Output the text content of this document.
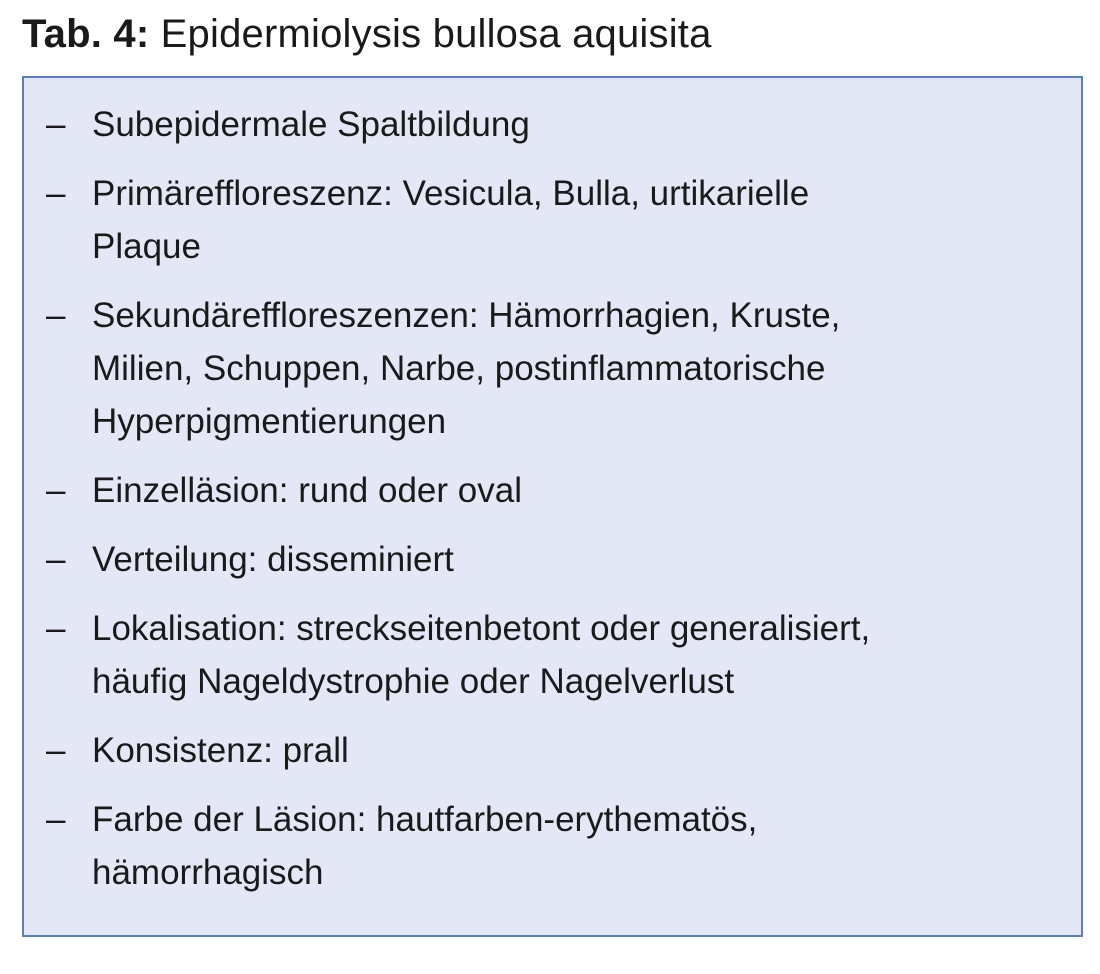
Tab. 4: Epidermiolysis bullosa aquisita
– Subepidermale Spaltbildung
– Primäreffloreszenz: Vesicula, Bulla, urtikarielle
Plaque
– Sekundäreffloreszenzen: Hämorrhagien, Kruste,
Milien, Schuppen, Narbe, postinflammatorische
Hyperpigmentierungen
– Einzelläsion: rund oder oval
– Verteilung: disseminiert
– Lokalisation: streckseitenbetont oder generalisiert,
häufig Nageldystrophie oder Nagelverlust
– Konsistenz: prall
– Farbe der Läsion: hautfarben-erythematös,
hämorrhagisch
